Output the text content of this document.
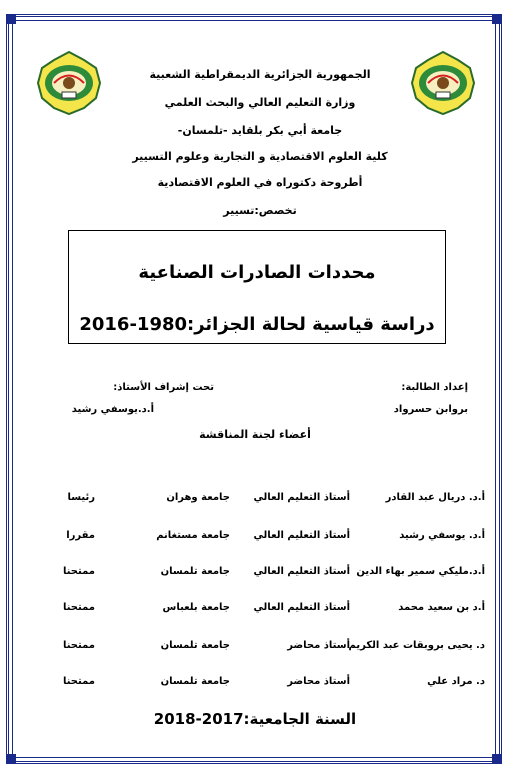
الجمهورية الجزائرية الديمقراطية الشعبية
وزارة التعليم العالي والبحث العلمي
جامعة أبي بكر بلقايد -تلمسان-
كلية العلوم الاقتصادية و التجارية وعلوم التسيير
أطروحة دكتوراه في العلوم الاقتصادية
تخصص:تسيير
محددات الصادرات الصناعية
دراسة قياسية لحالة الجزائر:1980-2016
إعداد الطالبة:
بروابن حسرواد
تحت إشراف الأستاذ:
أ.د.يوسفي رشيد
أعضاء لجنة المناقشة
أ.د. دريال عبد القادر
أستاذ التعليم العالي
جامعة وهران
رئيسا
أ.د. يوسفي رشيد
أستاذ التعليم العالي
جامعة مستغانم
مقررا
أ.د.مليكي سمير بهاء الدين
أستاذ التعليم العالي
جامعة تلمسان
ممتحنا
أ.د بن سعيد محمد
أستاذ التعليم العالي
جامعة بلعباس
ممتحنا
د. يحيى بروبقات عبد الكريم
أستاذ محاضر
جامعة تلمسان
ممتحنا
د. مراد علي
أستاذ محاضر
جامعة تلمسان
ممتحنا
السنة الجامعية:2017-2018
